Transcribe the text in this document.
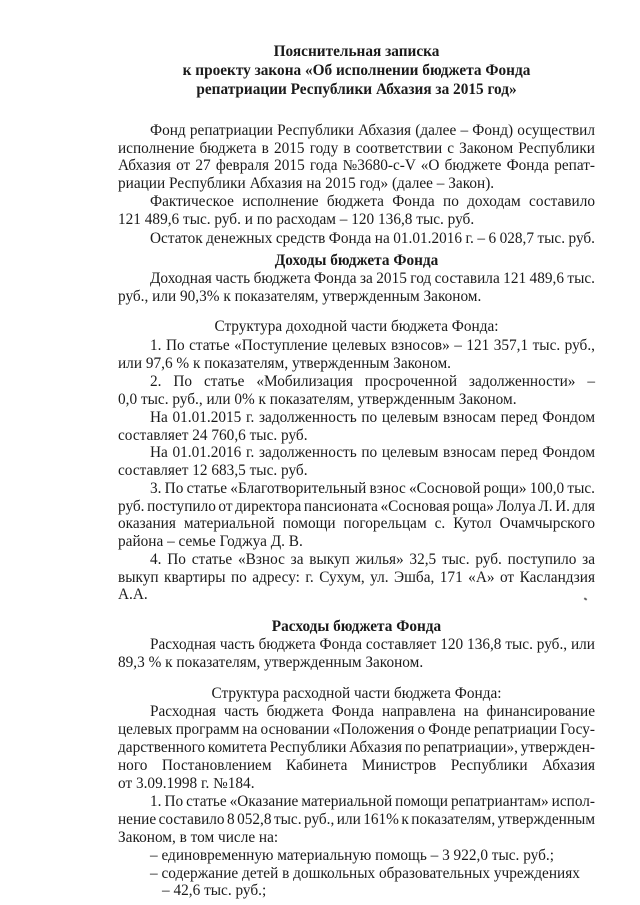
Пояснительная записка
к проекту закона «Об исполнении бюджета Фонда
репатриации Республики Абхазия за 2015 год»
Фонд репатриации Республики Абхазия (далее – Фонд) осуществил
исполнение бюджета в 2015 году в соответствии с Законом Республики
Абхазия от 27 февраля 2015 года №3680-с-V «О бюджете Фонда репат-
риации Республики Абхазия на 2015 год» (далее – Закон).
Фактическое исполнение бюджета Фонда по доходам составило
121 489,6 тыс. руб. и по расходам – 120 136,8 тыс. руб.
Остаток денежных средств Фонда на 01.01.2016 г. – 6 028,7 тыс. руб.
Доходы бюджета Фонда
Доходная часть бюджета Фонда за 2015 год составила 121 489,6 тыс.
руб., или 90,3% к показателям, утвержденным Законом.
Структура доходной части бюджета Фонда:
1. По статье «Поступление целевых взносов» – 121 357,1 тыс. руб.,
или 97,6 % к показателям, утвержденным Законом.
2. По статье «Мобилизация просроченной задолженности» –
0,0 тыс. руб., или 0% к показателям, утвержденным Законом.
На 01.01.2015 г. задолженность по целевым взносам перед Фондом
составляет 24 760,6 тыс. руб.
На 01.01.2016 г. задолженность по целевым взносам перед Фондом
составляет 12 683,5 тыс. руб.
3. По статье «Благотворительный взнос «Сосновой рощи» 100,0 тыс.
руб. поступило от директора пансионата «Сосновая роща» Лолуа Л. И. для
оказания материальной помощи погорельцам с. Кутол Очамчырского
района – семье Годжуа Д. В.
4. По статье «Взнос за выкуп жилья» 32,5 тыс. руб. поступило за
выкуп квартиры по адресу: г. Сухум, ул. Эшба, 171 «А» от Касландзия
А.А.
Расходы бюджета Фонда
Расходная часть бюджета Фонда составляет 120 136,8 тыс. руб., или
89,3 % к показателям, утвержденным Законом.
Структура расходной части бюджета Фонда:
Расходная часть бюджета Фонда направлена на финансирование
целевых программ на основании «Положения о Фонде репатриации Госу-
дарственного комитета Республики Абхазия по репатриации», утвержден-
ного Постановлением Кабинета Министров Республики Абхазия
от 3.09.1998 г. №184.
1. По статье «Оказание материальной помощи репатриантам» испол-
нение составило 8 052,8 тыс. руб., или 161% к показателям, утвержденным
Законом, в том числе на:
– единовременную материальную помощь – 3 922,0 тыс. руб.;
– содержание детей в дошкольных образовательных учреждениях
– 42,6 тыс. руб.;
